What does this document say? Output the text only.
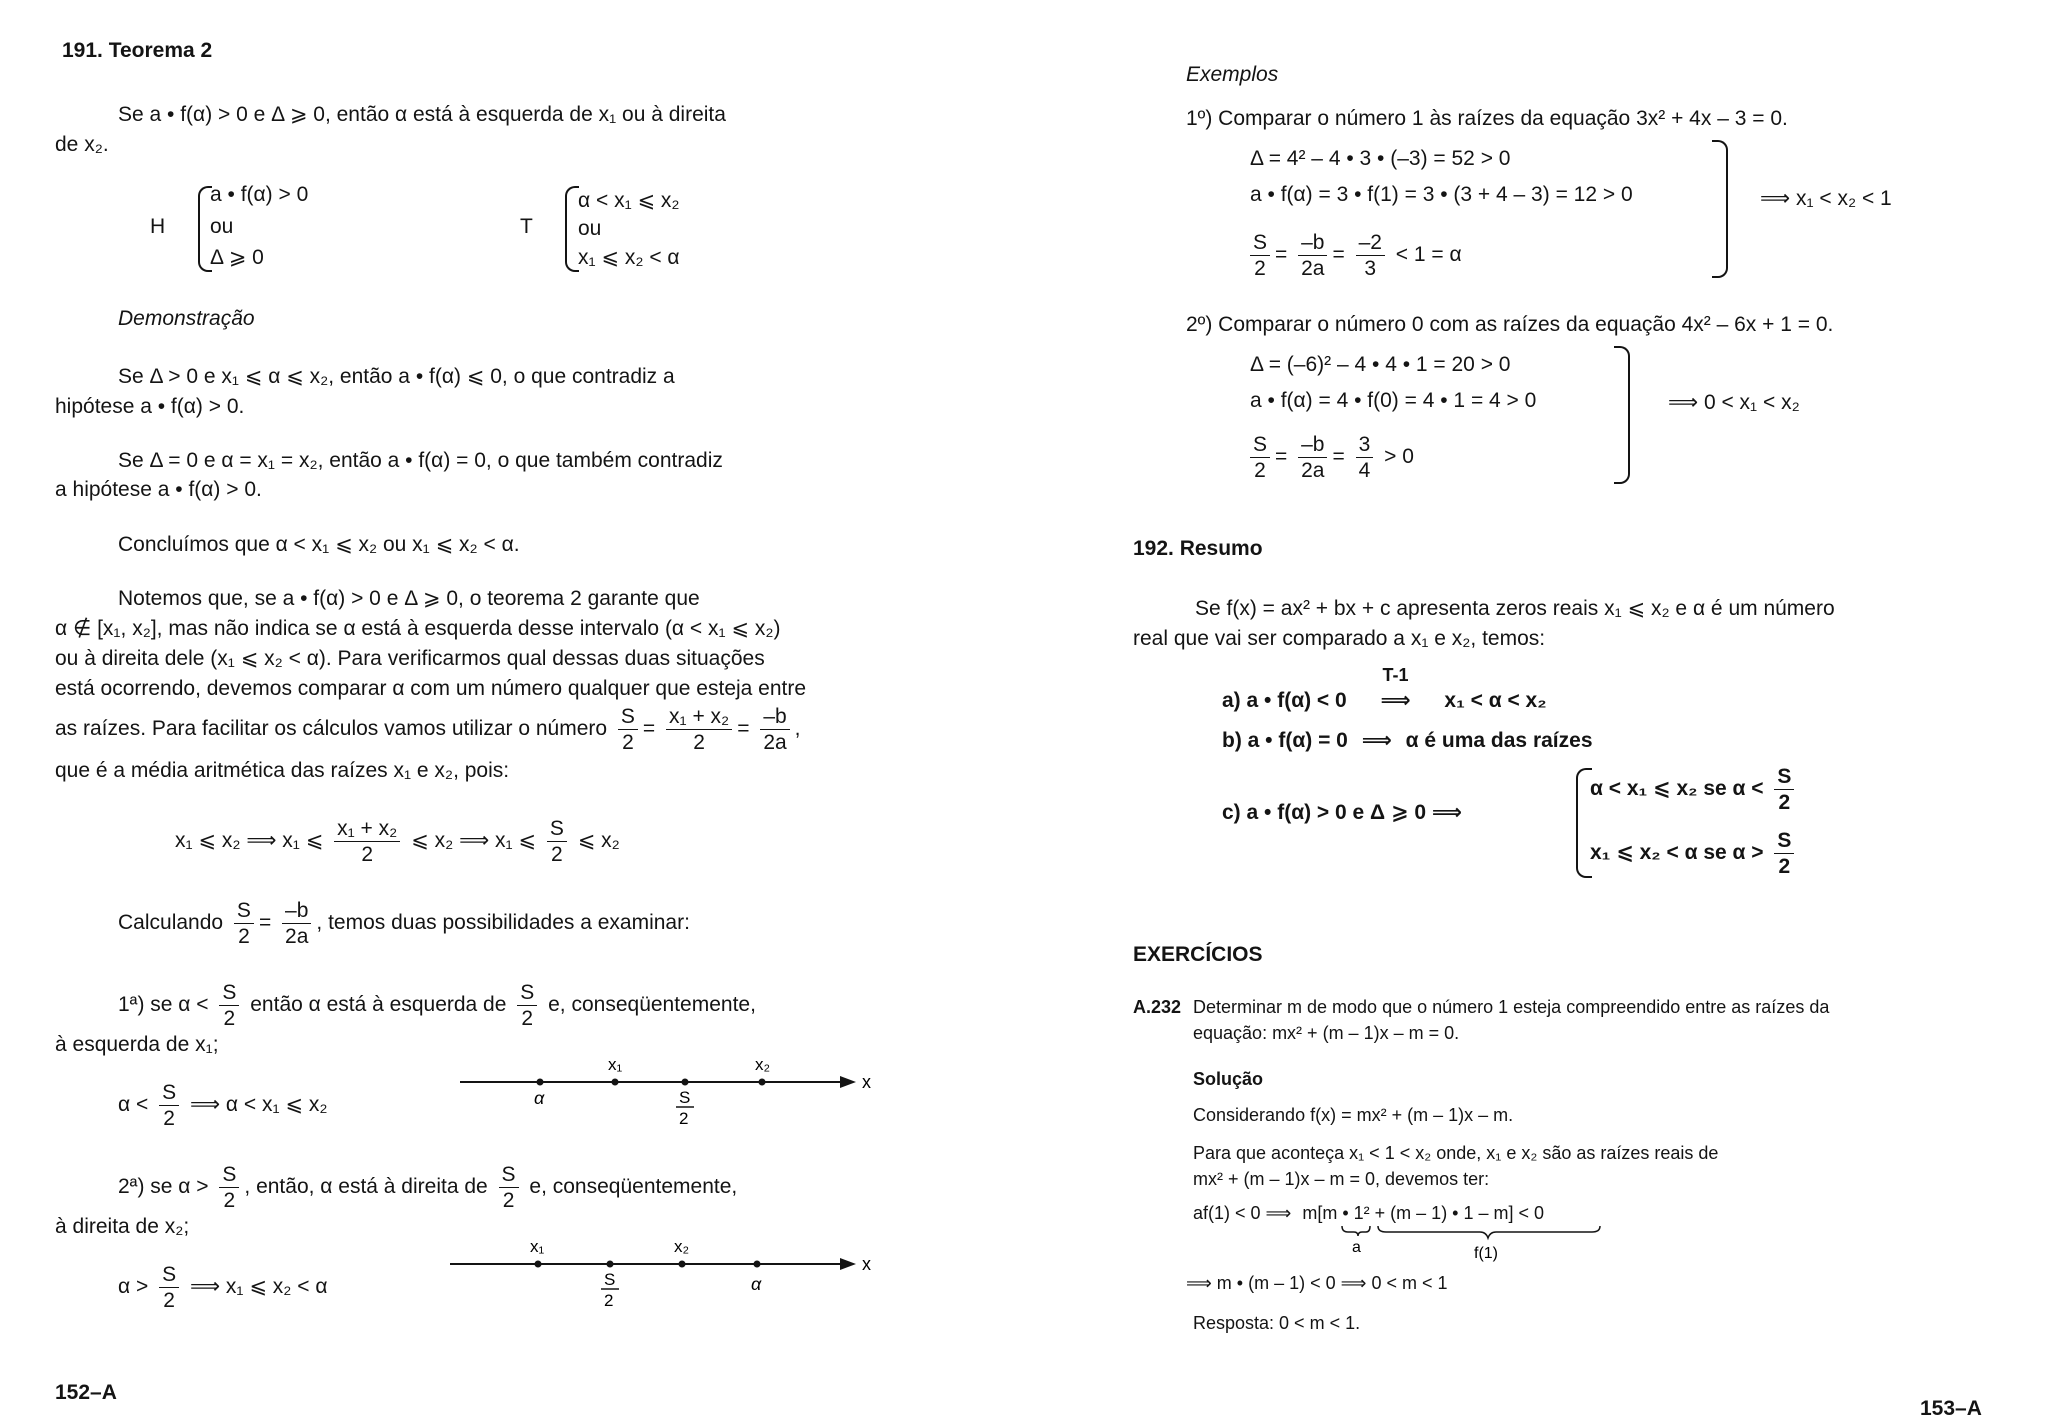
191. Teorema 2
Se a • f(α) > 0 e Δ ⩾ 0, então α está à esquerda de x₁ ou à direita
de x₂.
H
a • f(α) > 0
ou
Δ ⩾ 0
T
α < x₁ ⩽ x₂
ou
x₁ ⩽ x₂ < α
Demonstração
Se Δ > 0 e x₁ ⩽ α ⩽ x₂, então a • f(α) ⩽ 0, o que contradiz a
hipótese a • f(α) > 0.
Se Δ = 0 e α = x₁ = x₂, então a • f(α) = 0, o que também contradiz
a hipótese a • f(α) > 0.
Concluímos que α < x₁ ⩽ x₂ ou x₁ ⩽ x₂ < α.
Notemos que, se a • f(α) > 0 e Δ ⩾ 0, o teorema 2 garante que
α ∉ [x₁, x₂], mas não indica se α está à esquerda desse intervalo (α < x₁ ⩽ x₂)
ou à direita dele (x₁ ⩽ x₂ < α). Para verificarmos qual dessas duas situações
está ocorrendo, devemos comparar α com um número qualquer que esteja entre
as raízes. Para facilitar os cálculos vamos utilizar o número $\frac{S}{2} = \frac{\text{x₁ + x₂}}{2} = \frac{-b}{2a}$ ,
que é a média aritmética das raízes x₁ e x₂, pois:
x₁ ⩽ x₂ ⟹ x₁ ⩽ $\frac{\text{x₁ + x₂}}{2}$ ⩽ x₂ ⟹ x₁ ⩽ $\frac{S}{2}$ ⩽ x₂
Calculando $\frac{S}{2} = \frac{-b}{2a}$ , temos duas possibilidades a examinar:
1ª) se $\alpha < \frac{S}{2}$ então α está à esquerda de $\frac{S}{2} e$, conseqüentemente,
à esquerda de x₁;
$\alpha < \frac{S}{2}$ ⟹ α < x₁ ⩽ x₂
x
x₁	x₂
α	S
2
2ª) se $\alpha > \frac{S}{2}$ , então, α está à direita de $\frac{S}{2} e$, conseqüentemente,
à direita de x₂;
$\alpha > \frac{S}{2}$ ⟹ x₁ ⩽ x₂ < α
x
x₁	x₂
S
2
α
152–A
Exemplos
1º) Comparar o número 1 às raízes da equação 3x² + 4x – 3 = 0.
Δ = 4² – 4 • 3 • (–3) = 52 > 0
a • f(α) = 3 • f(1) = 3 • (3 + 4 – 3) = 12 > 0
$\frac{S}{2} = \frac{-b}{2a} = \frac{-2}{3} < 1 = \alpha$
⟹ x₁ < x₂ < 1
2º) Comparar o número 0 com as raízes da equação 4x² – 6x + 1 = 0.
Δ = (–6)² – 4 • 4 • 1 = 20 > 0
a • f(α) = 4 • f(0) = 4 • 1 = 4 > 0
$\frac{S}{2} = \frac{-b}{2a} = \frac{3}{4} > 0$
⟹ 0 < x₁ < x₂
192. Resumo
Se f(x) = ax² + bx + c apresenta zeros reais x₁ ⩽ x₂ e α é um número
real que vai ser comparado a x₁ e x₂, temos:
a) a • f(α) < 0
T-1
⟹ x₁ < α < x₂
b) a • f(α) = 0 ⟹ α é uma das raízes
c) a • f(α) > 0 e Δ ⩾ 0 ⟹
α < x₁ ⩽ x₂ se $\alpha < \frac{S}{2}$
x₁ ⩽ x₂ < α se $\alpha > \frac{S}{2}$
EXERCÍCIOS
A.232 Determinar m de modo que o número 1 esteja compreendido entre as raízes da
equação: mx² + (m – 1)x – m = 0.
Solução
Considerando f(x) = mx² + (m – 1)x – m.
Para que aconteça x₁ < 1 < x₂ onde, x₁ e x₂ são as raízes reais de
mx² + (m – 1)x – m = 0, devemos ter:
af(1) < 0 ⟹ m[m • 1² + (m – 1) • 1 – m] < 0
a	f(1)
⟹ m • (m – 1) < 0 ⟹ 0 < m < 1
Resposta: 0 < m < 1.
153–A
